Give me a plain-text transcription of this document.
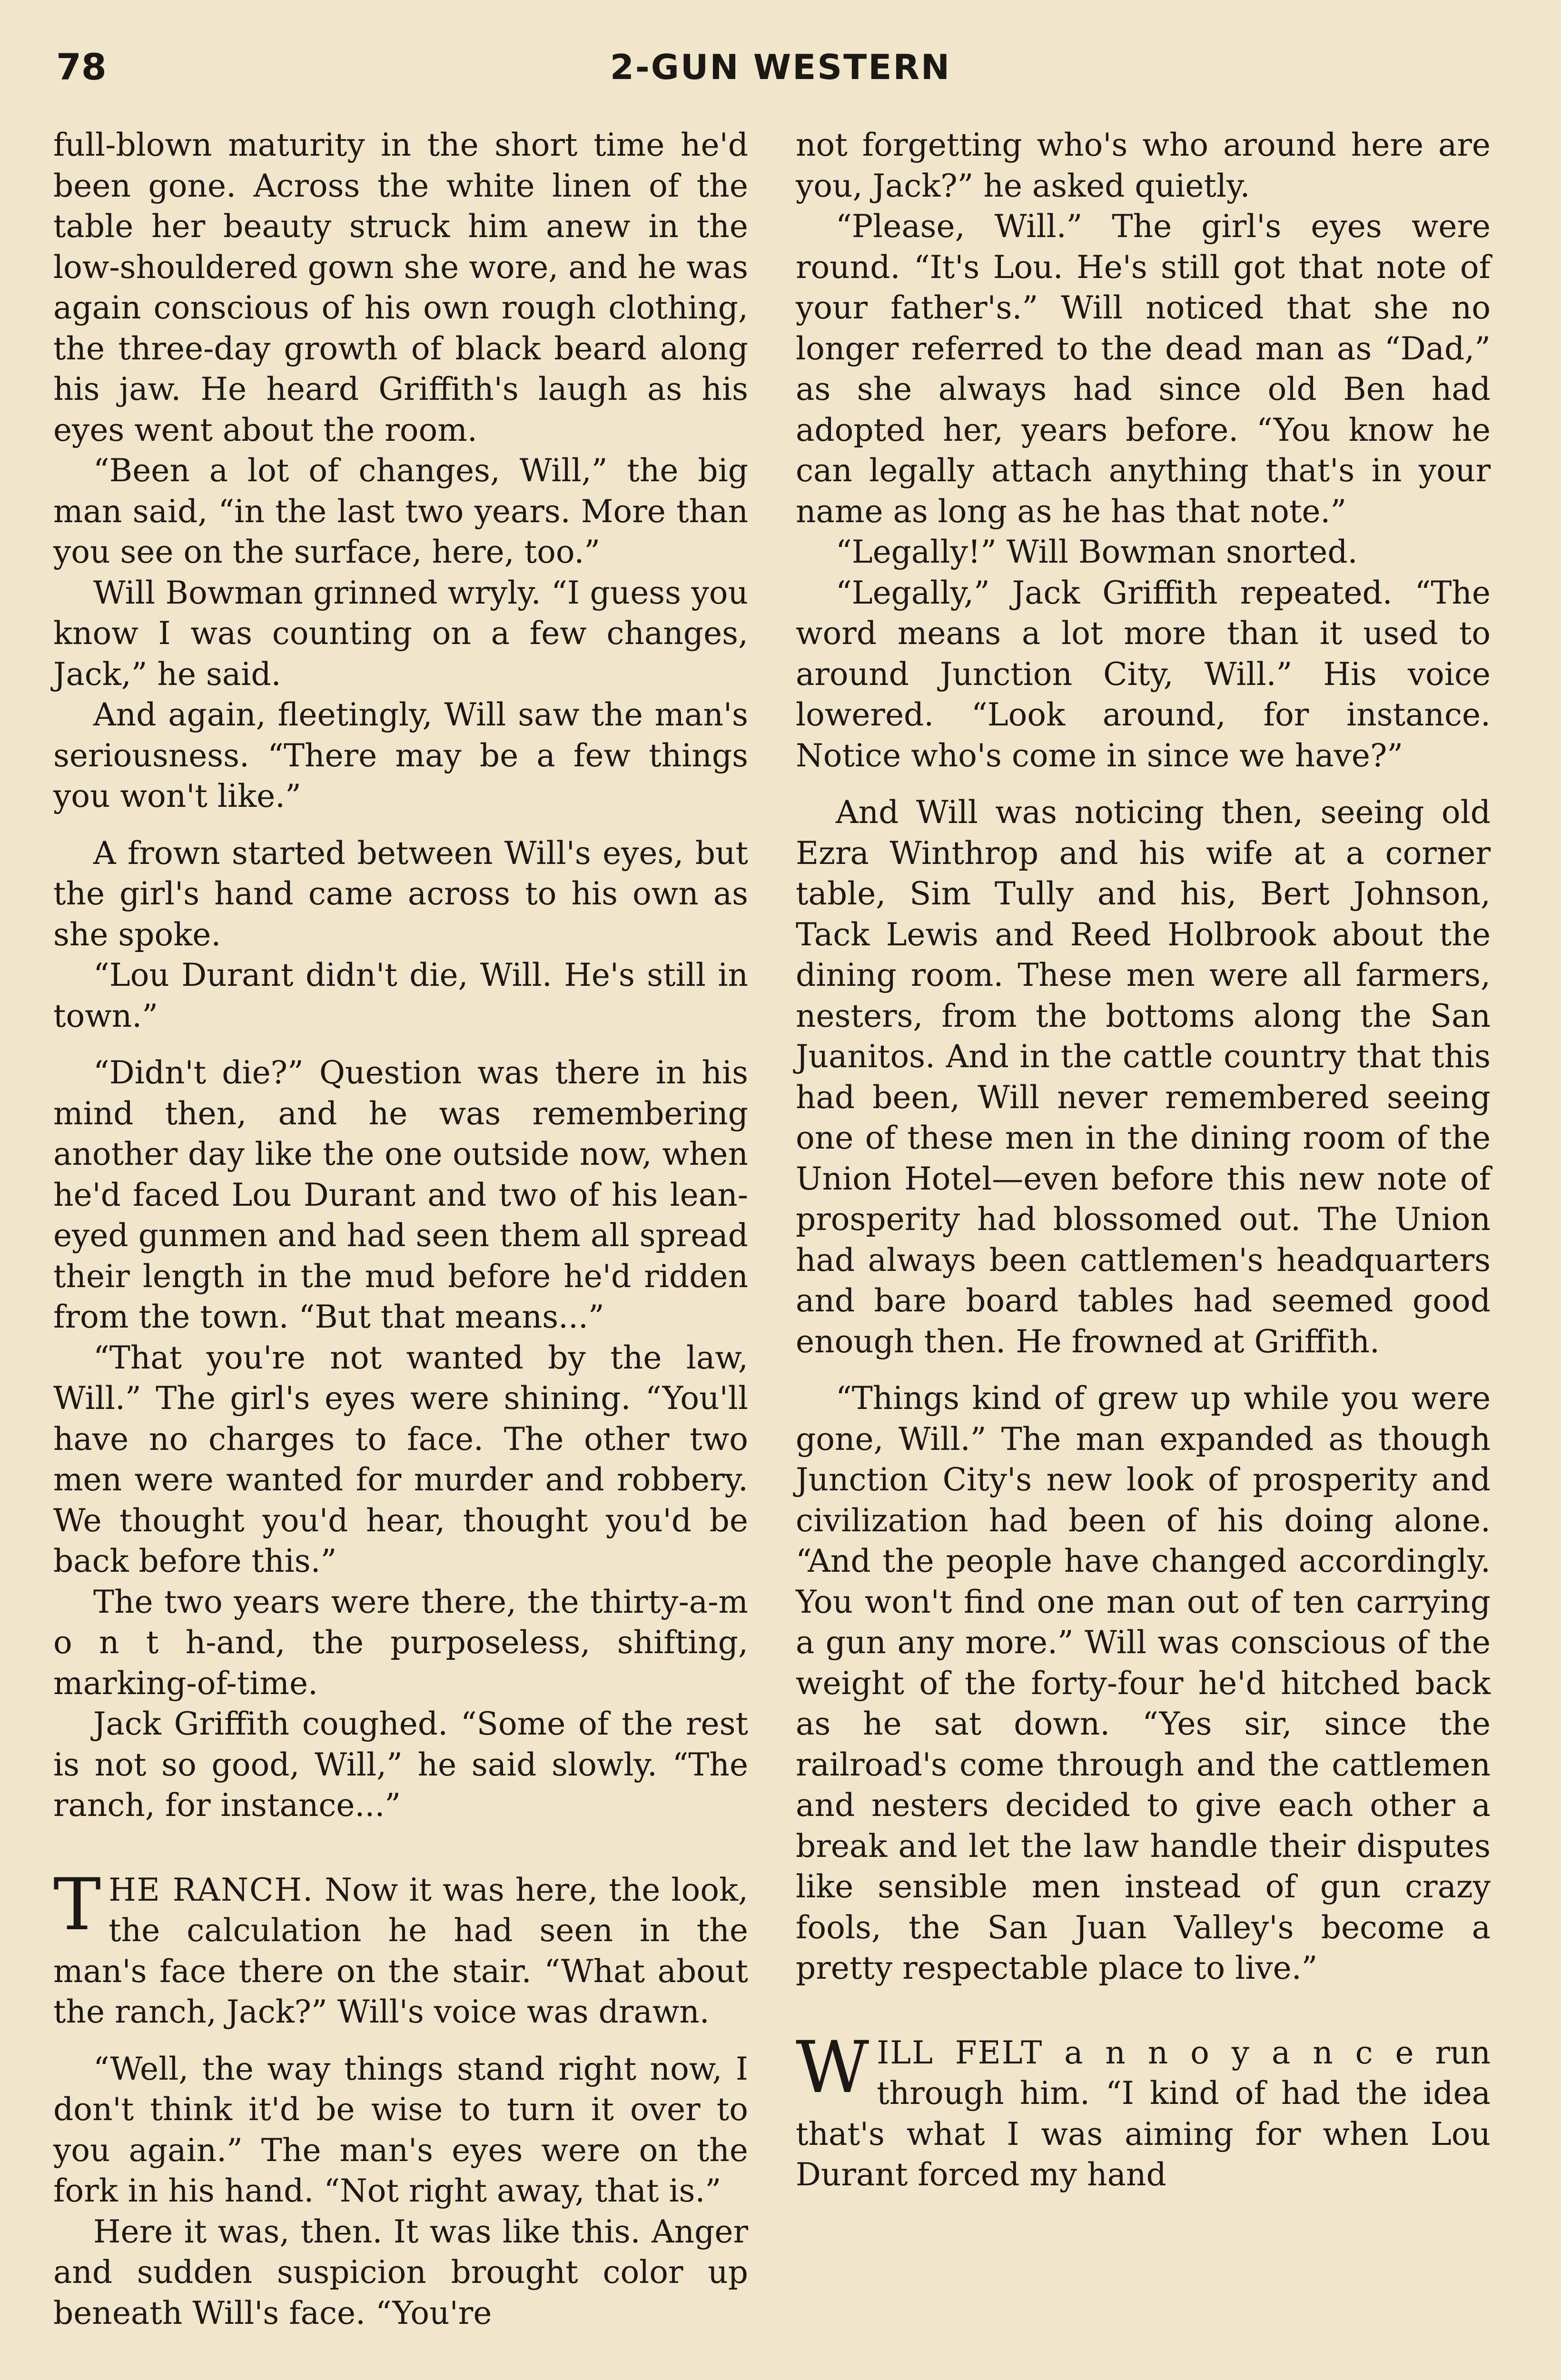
78	2-GUN WESTERN

full-blown maturity in the short time he'd been gone. Across the white linen of the table her beauty struck him anew in the low-shouldered gown she wore, and he was again conscious of his own rough clothing, the three-day growth of black beard along his jaw. He heard Griffith's laugh as his eyes went about the room.

“Been a lot of changes, Will,” the big man said, “in the last two years. More than you see on the surface, here, too.”

Will Bowman grinned wryly. “I guess you know I was counting on a few changes, Jack,” he said.

And again, fleetingly, Will saw the man's seriousness. “There may be a few things you won't like.”

A frown started between Will's eyes, but the girl's hand came across to his own as she spoke.

“Lou Durant didn't die, Will. He's still in town.”

“Didn't die?” Question was there in his mind then, and he was remembering another day like the one outside now, when he'd faced Lou Durant and two of his lean-eyed gunmen and had seen them all spread their length in the mud before he'd ridden from the town. “But that means...”

“That you're not wanted by the law, Will.” The girl's eyes were shining. “You'll have no charges to face. The other two men were wanted for murder and robbery. We thought you'd hear, thought you'd be back before this.”

The two years were there, the thirty-a-m o n t h-and, the purposeless, shifting, marking-of-time.

Jack Griffith coughed. “Some of the rest is not so good, Will,” he said slowly. “The ranch, for instance...”

THE RANCH. Now it was here, the look, the calculation he had seen in the man's face there on the stair. “What about the ranch, Jack?” Will's voice was drawn.

“Well, the way things stand right now, I don't think it'd be wise to turn it over to you again.” The man's eyes were on the fork in his hand. “Not right away, that is.”

Here it was, then. It was like this. Anger and sudden suspicion brought color up beneath Will's face. “You're

not forgetting who's who around here are you, Jack?” he asked quietly.

“Please, Will.” The girl's eyes were round. “It's Lou. He's still got that note of your father's.” Will noticed that she no longer referred to the dead man as “Dad,” as she always had since old Ben had adopted her, years before. “You know he can legally attach anything that's in your name as long as he has that note.”

“Legally!” Will Bowman snorted.

“Legally,” Jack Griffith repeated. “The word means a lot more than it used to around Junction City, Will.” His voice lowered. “Look around, for instance. Notice who's come in since we have?”

And Will was noticing then, seeing old Ezra Winthrop and his wife at a corner table, Sim Tully and his, Bert Johnson, Tack Lewis and Reed Holbrook about the dining room. These men were all farmers, nesters, from the bottoms along the San Juanitos. And in the cattle country that this had been, Will never remembered seeing one of these men in the dining room of the Union Hotel—even before this new note of prosperity had blossomed out. The Union had always been cattlemen's headquarters and bare board tables had seemed good enough then. He frowned at Griffith.

“Things kind of grew up while you were gone, Will.” The man expanded as though Junction City's new look of prosperity and civilization had been of his doing alone. “And the people have changed accordingly. You won't find one man out of ten carrying a gun any more.” Will was conscious of the weight of the forty-four he'd hitched back as he sat down. “Yes sir, since the railroad's come through and the cattlemen and nesters decided to give each other a break and let the law handle their disputes like sensible men instead of gun crazy fools, the San Juan Valley's become a pretty respectable place to live.”

WILL FELT a n n o y a n c e run through him. “I kind of had the idea that's what I was aiming for when Lou Durant forced my hand
